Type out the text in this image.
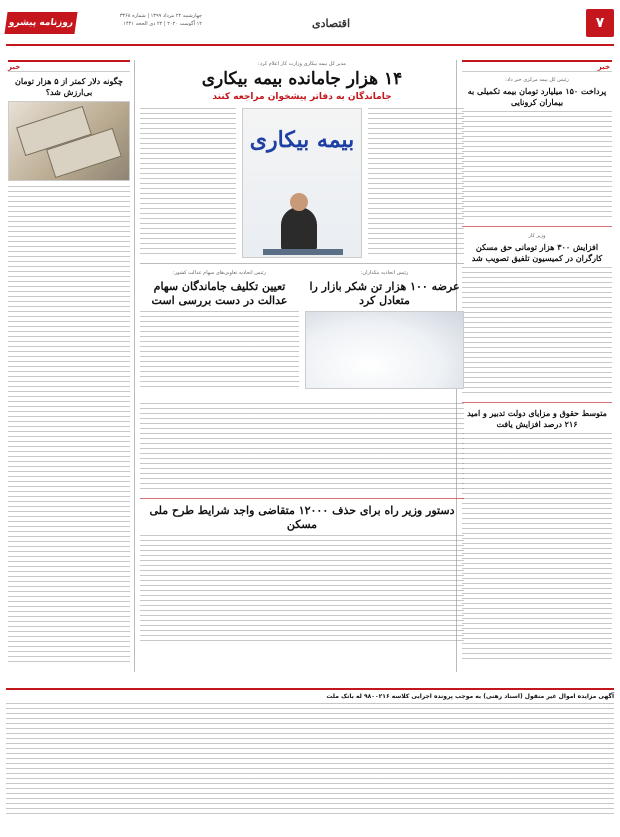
۷
اقتصادی
روزنامه پیشرو
چهارشنبه ۲۲ مرداد ۱۳۹۹ | شماره ۳۳۶۸
۱۲ آگوست ۲۰۲۰ | ۲۲ ذی الحجه ۱۴۴۱
خبر
رئیس کل بیمه مرکزی خبر داد:
پرداخت ۱۵۰ میلیارد تومان بیمه تکمیلی به بیماران کرونایی
وزیر کار
افزایش ۳۰۰ هزار تومانی حق مسکن کارگران در کمیسیون تلفیق تصویب شد
متوسط حقوق و مزایای دولت تدبیر و امید ۲۱۶ درصد افزایش یافت
خبر
چگونه دلار کمتر از ۵ هزار تومان بی‌ارزش شد؟
مدیر کل بیمه بیکاری وزارت کار اعلام کرد:
۱۴ هزار جامانده بیمه بیکاری
جاماندگان به دفاتر پیشخوان مراجعه کنند
بیمه بیکاری
رئیس اتحادیه بنکداران:
عرضه ۱۰۰ هزار تن شکر بازار را متعادل کرد
رئیس اتحادیه تعاونی‌های سهام عدالت کشور:
تعیین تکلیف جاماندگان سهام عدالت در دست بررسی است
دستور وزیر راه برای حذف ۱۲۰۰۰ متقاضی واجد شرایط طرح ملی مسکن
آگهی مزایده اموال غیر منقول (اسناد رهنی) به موجب پرونده اجرایی کلاسه ۹۸۰۰۲۱۶ له بانک ملت
